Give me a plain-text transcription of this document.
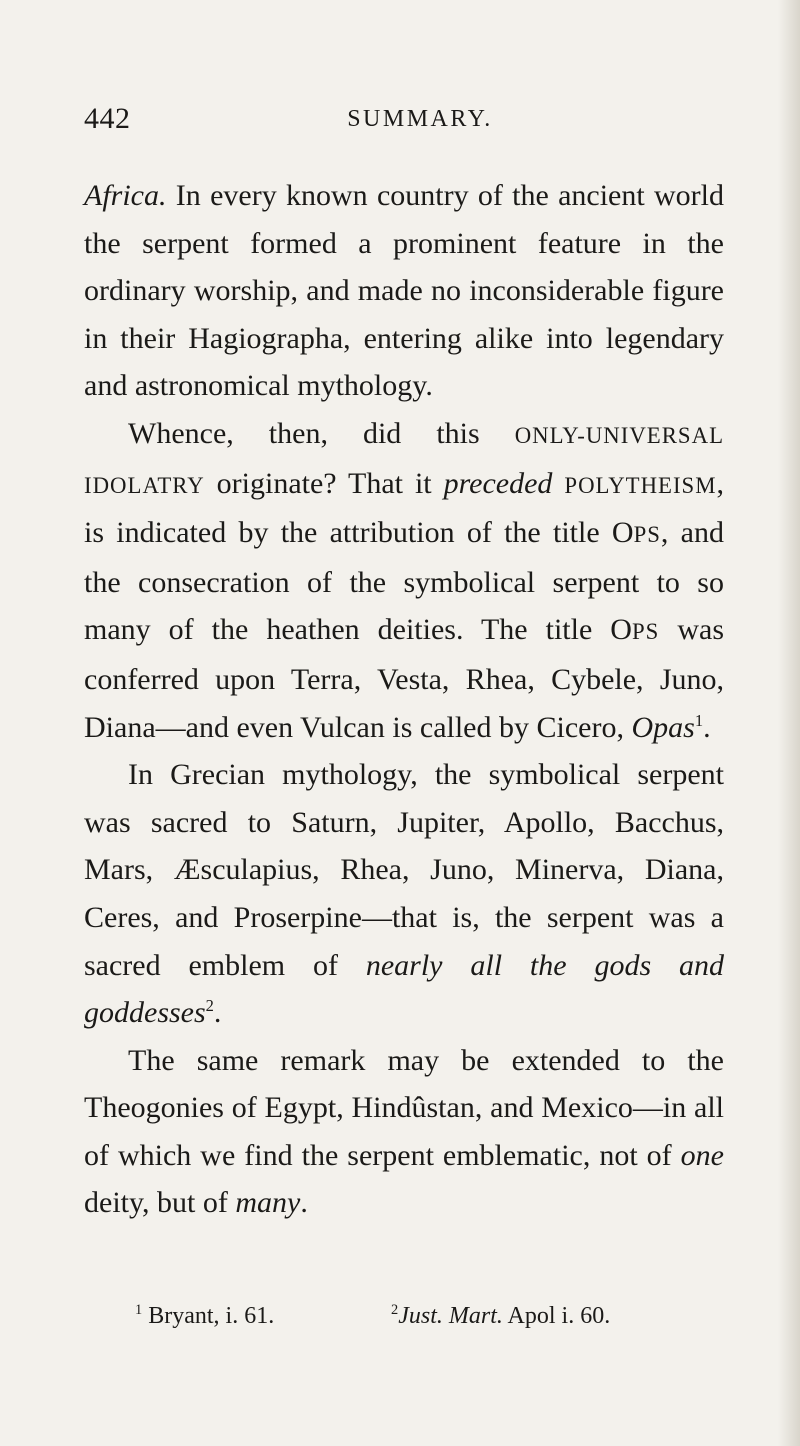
442	SUMMARY.

Africa. In every known country of the ancient world the serpent formed a prominent feature in the ordinary worship, and made no inconsiderable figure in their Hagiographa, entering alike into legendary and astronomical mythology.

Whence, then, did this ONLY-UNIVERSAL IDOLATRY originate? That it preceded POLYTHEISM, is indicated by the attribution of the title OPS, and the consecration of the symbolical serpent to so many of the heathen deities. The title OPS was conferred upon Terra, Vesta, Rhea, Cybele, Juno, Diana—and even Vulcan is called by Cicero, Opas$^1$.

In Grecian mythology, the symbolical serpent was sacred to Saturn, Jupiter, Apollo, Bacchus, Mars, Æsculapius, Rhea, Juno, Minerva, Diana, Ceres, and Proserpine—that is, the serpent was a sacred emblem of nearly all the gods and goddesses$^2$.

The same remark may be extended to the Theogonies of Egypt, Hindûstan, and Mexico—in all of which we find the serpent emblematic, not of one deity, but of many.

$^1$ Bryant, i. 61.	$^2$Just. Mart. Apol i. 60.
